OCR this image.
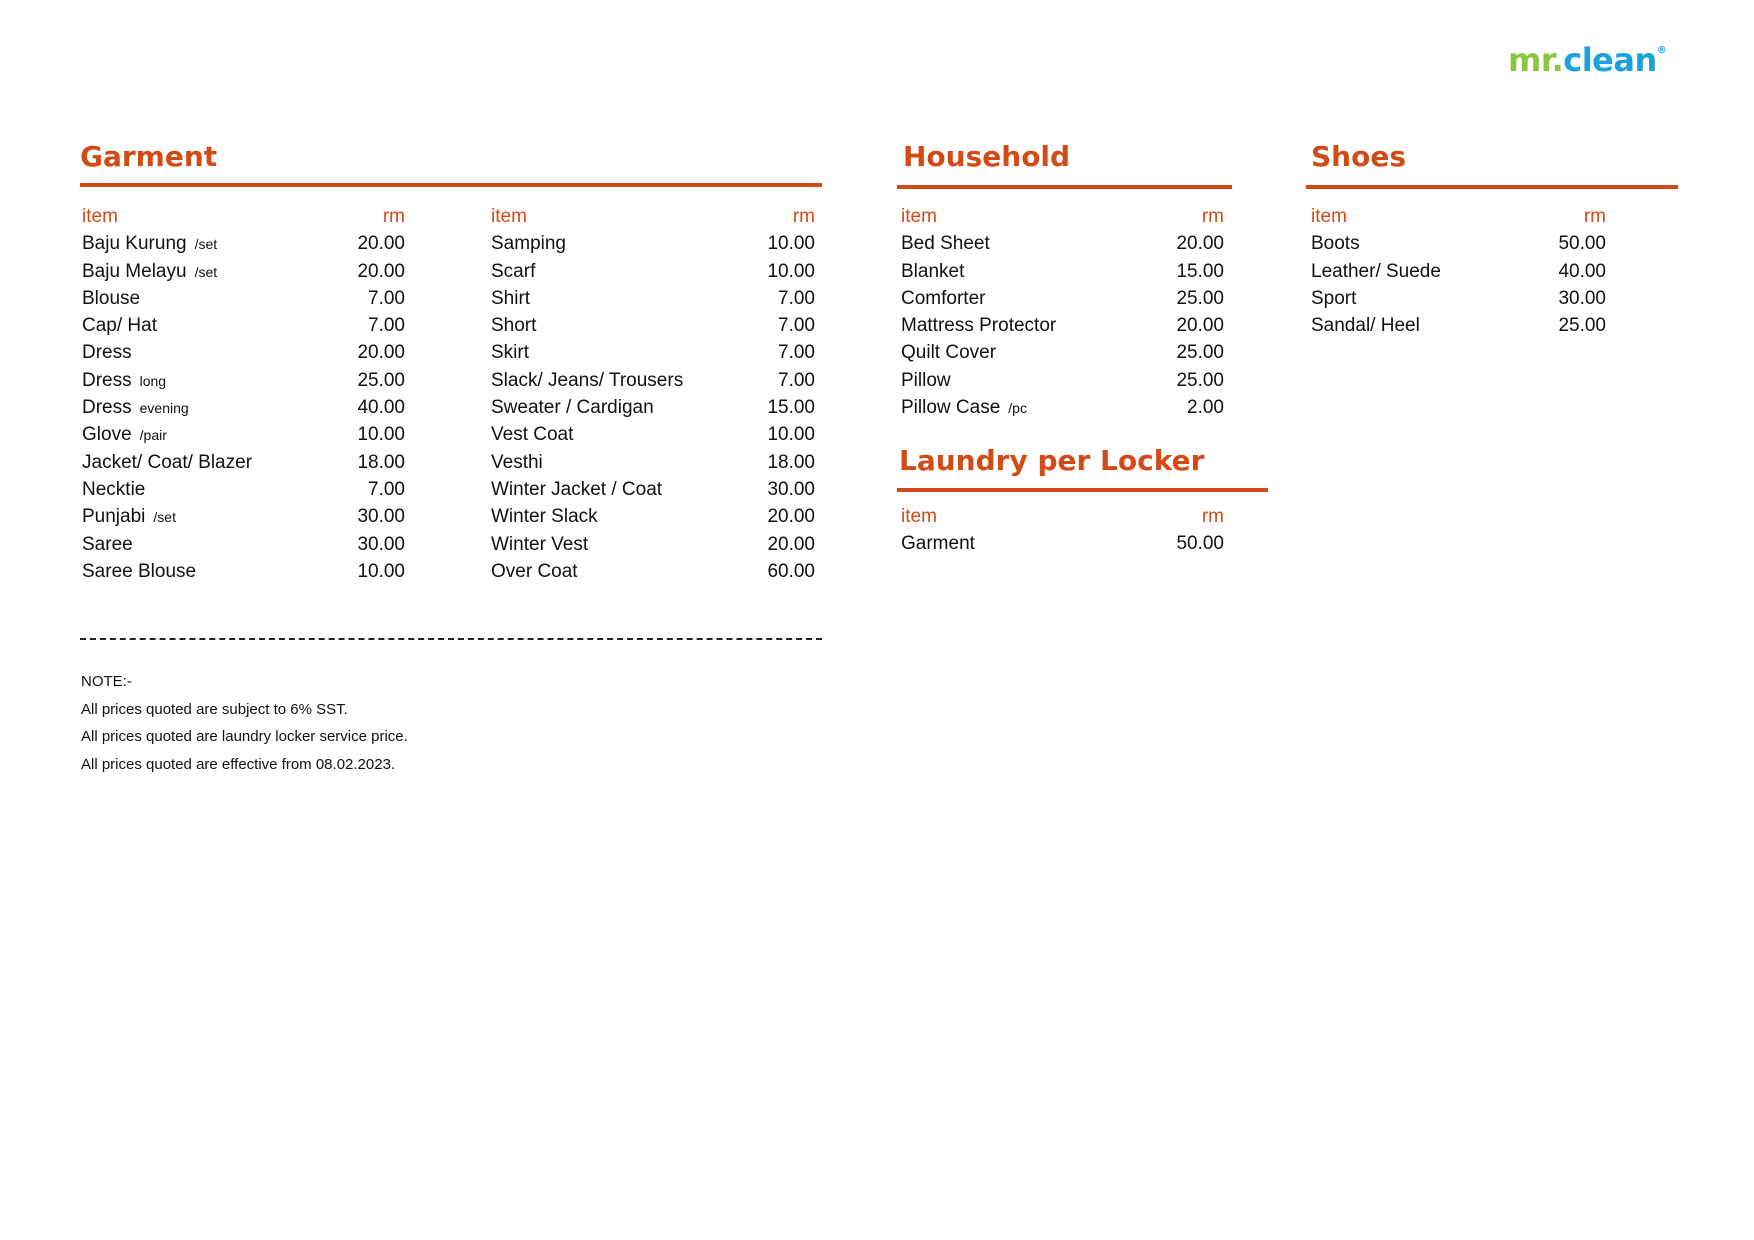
mr.clean®
Garment	Household	Shoes
Laundry per Locker
item	rm
Baju Kurung /set	20.00
Baju Melayu /set	20.00
Blouse	7.00
Cap/ Hat	7.00
Dress	20.00
Dress long	25.00
Dress evening	40.00
Glove /pair	10.00
Jacket/ Coat/ Blazer	18.00
Necktie	7.00
Punjabi /set	30.00
Saree	30.00
Saree Blouse	10.00
item	rm
Samping	10.00
Scarf	10.00
Shirt	7.00
Short	7.00
Skirt	7.00
Slack/ Jeans/ Trousers	7.00
Sweater / Cardigan	15.00
Vest Coat	10.00
Vesthi	18.00
Winter Jacket / Coat	30.00
Winter Slack	20.00
Winter Vest	20.00
Over Coat	60.00
item	rm
Bed Sheet	20.00
Blanket	15.00
Comforter	25.00
Mattress Protector	20.00
Quilt Cover	25.00
Pillow	25.00
Pillow Case /pc	2.00
item	rm
Boots	50.00
Leather/ Suede	40.00
Sport	30.00
Sandal/ Heel	25.00
item	rm
Garment	50.00
NOTE:-
All prices quoted are subject to 6% SST.
All prices quoted are laundry locker service price.
All prices quoted are effective from 08.02.2023.
